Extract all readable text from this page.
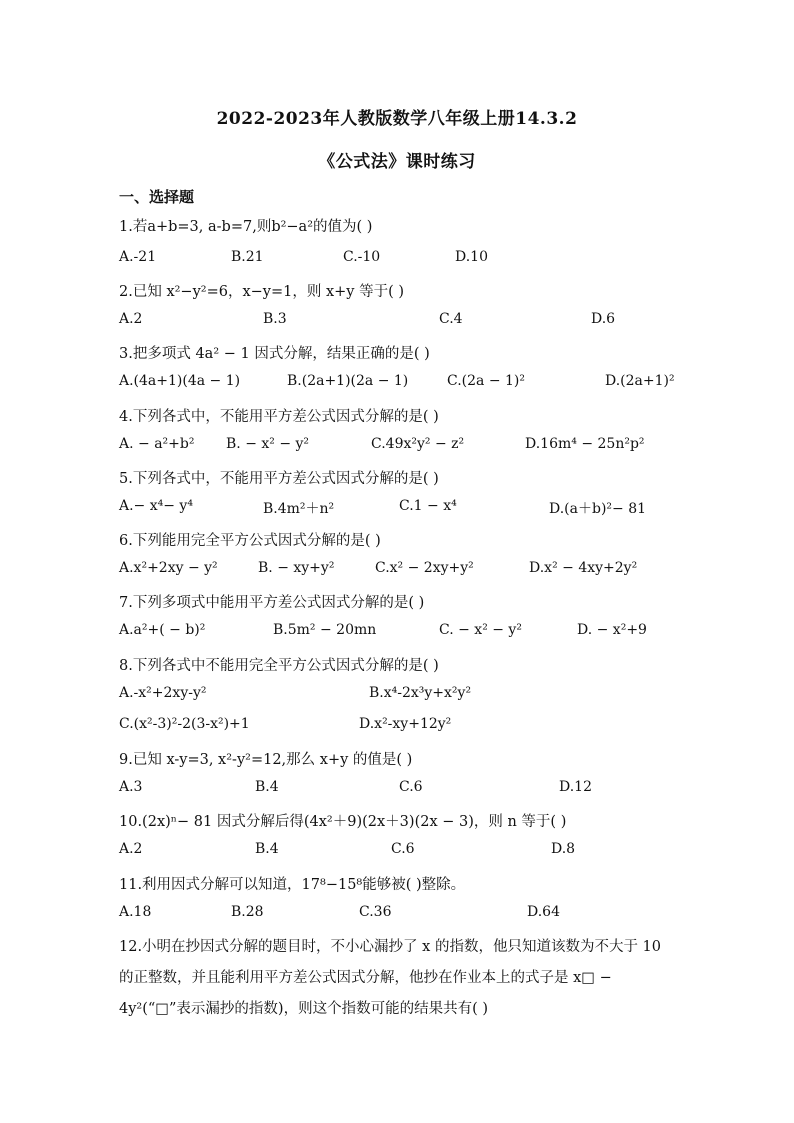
2022-2023年人教版数学八年级上册14.3.2
《公式法》课时练习
一、选择题
1.若a+b=3, a-b=7,则b²−a²的值为( )
A.-21	B.21	C.-10	D.10
2.已知 x²−y²=6，x−y=1，则 x+y 等于( )
A.2	B.3	C.4	D.6
3.把多项式 4a² − 1 因式分解，结果正确的是( )
A.(4a+1)(4a − 1)	B.(2a+1)(2a − 1)	C.(2a − 1)²	D.(2a+1)²
4.下列各式中，不能用平方差公式因式分解的是( )
A. − a²+b² B. − x² − y²	C.49x²y² − z²	D.16m⁴ − 25n²p²
5.下列各式中，不能用平方差公式因式分解的是( )
A.− x⁴− y⁴	B.4m²＋n²	C.1 − x⁴	D.(a＋b)²− 81
6.下列能用完全平方公式因式分解的是( )
A.x²+2xy − y²	B. − xy+y²	C.x² − 2xy+y²	D.x² − 4xy+2y²
7.下列多项式中能用平方差公式因式分解的是( )
A.a²+( − b)²	B.5m² − 20mn	C. − x² − y²	D. − x²+9
8.下列各式中不能用完全平方公式因式分解的是( )
A.-x²+2xy-y²	B.x⁴-2x³y+x²y²
C.(x²-3)²-2(3-x²)+1	D.x²-xy+12y²
9.已知 x-y=3, x²-y²=12,那么 x+y 的值是( )
A.3	B.4	C.6	D.12
10.(2x)ⁿ− 81 因式分解后得(4x²＋9)(2x＋3)(2x − 3)，则 n 等于( )
A.2	B.4	C.6	D.8
11.利用因式分解可以知道，17⁸−15⁸能够被( )整除。
A.18	B.28	C.36	D.64
12.小明在抄因式分解的题目时，不小心漏抄了 x 的指数，他只知道该数为不大于 10
的正整数，并且能利用平方差公式因式分解，他抄在作业本上的式子是 x□ −
4y²(“□”表示漏抄的指数)，则这个指数可能的结果共有( )
